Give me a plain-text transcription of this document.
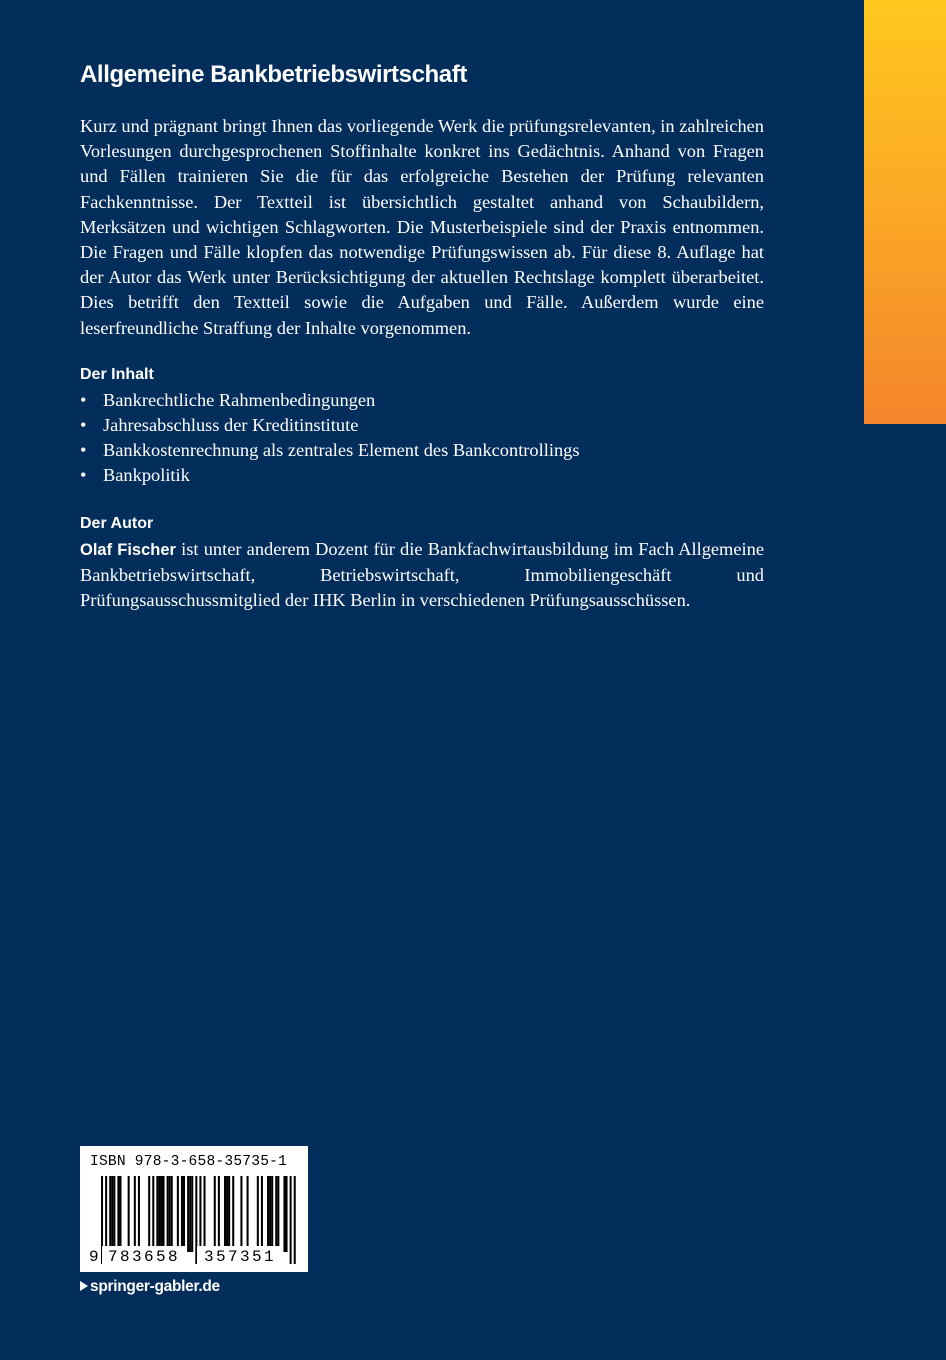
Allgemeine Bankbetriebswirtschaft

Kurz und prägnant bringt Ihnen das vorliegende Werk die prüfungsrelevanten, in zahlreichen Vorlesungen durchgesprochenen Stoffinhalte konkret ins Gedächtnis. Anhand von Fragen und Fällen trainieren Sie die für das erfolgreiche Bestehen der Prüfung relevanten Fachkenntnisse. Der Textteil ist übersichtlich gestaltet anhand von Schaubildern, Merksätzen und wichtigen Schlagworten. Die Musterbeispiele sind der Praxis entnommen. Die Fragen und Fälle klopfen das notwendige Prüfungswissen ab. Für diese 8. Auflage hat der Autor das Werk unter Berücksichtigung der aktuellen Rechtslage komplett überarbeitet. Dies betrifft den Textteil sowie die Aufgaben und Fälle. Außerdem wurde eine leserfreundliche Straffung der Inhalte vorgenommen.

Der Inhalt
• Bankrechtliche Rahmenbedingungen
• Jahresabschluss der Kreditinstitute
• Bankkostenrechnung als zentrales Element des Bankcontrollings
• Bankpolitik
Der Autor

Olaf Fischer ist unter anderem Dozent für die Bankfachwirtausbildung im Fach Allgemeine Bankbetriebswirtschaft, Betriebswirtschaft, Immobiliengeschäft und Prüfungsausschussmitglied der IHK Berlin in verschiedenen Prüfungsausschüssen.

ISBN 978-3-658-35735-1
9 783658	357351
springer-gabler.de
